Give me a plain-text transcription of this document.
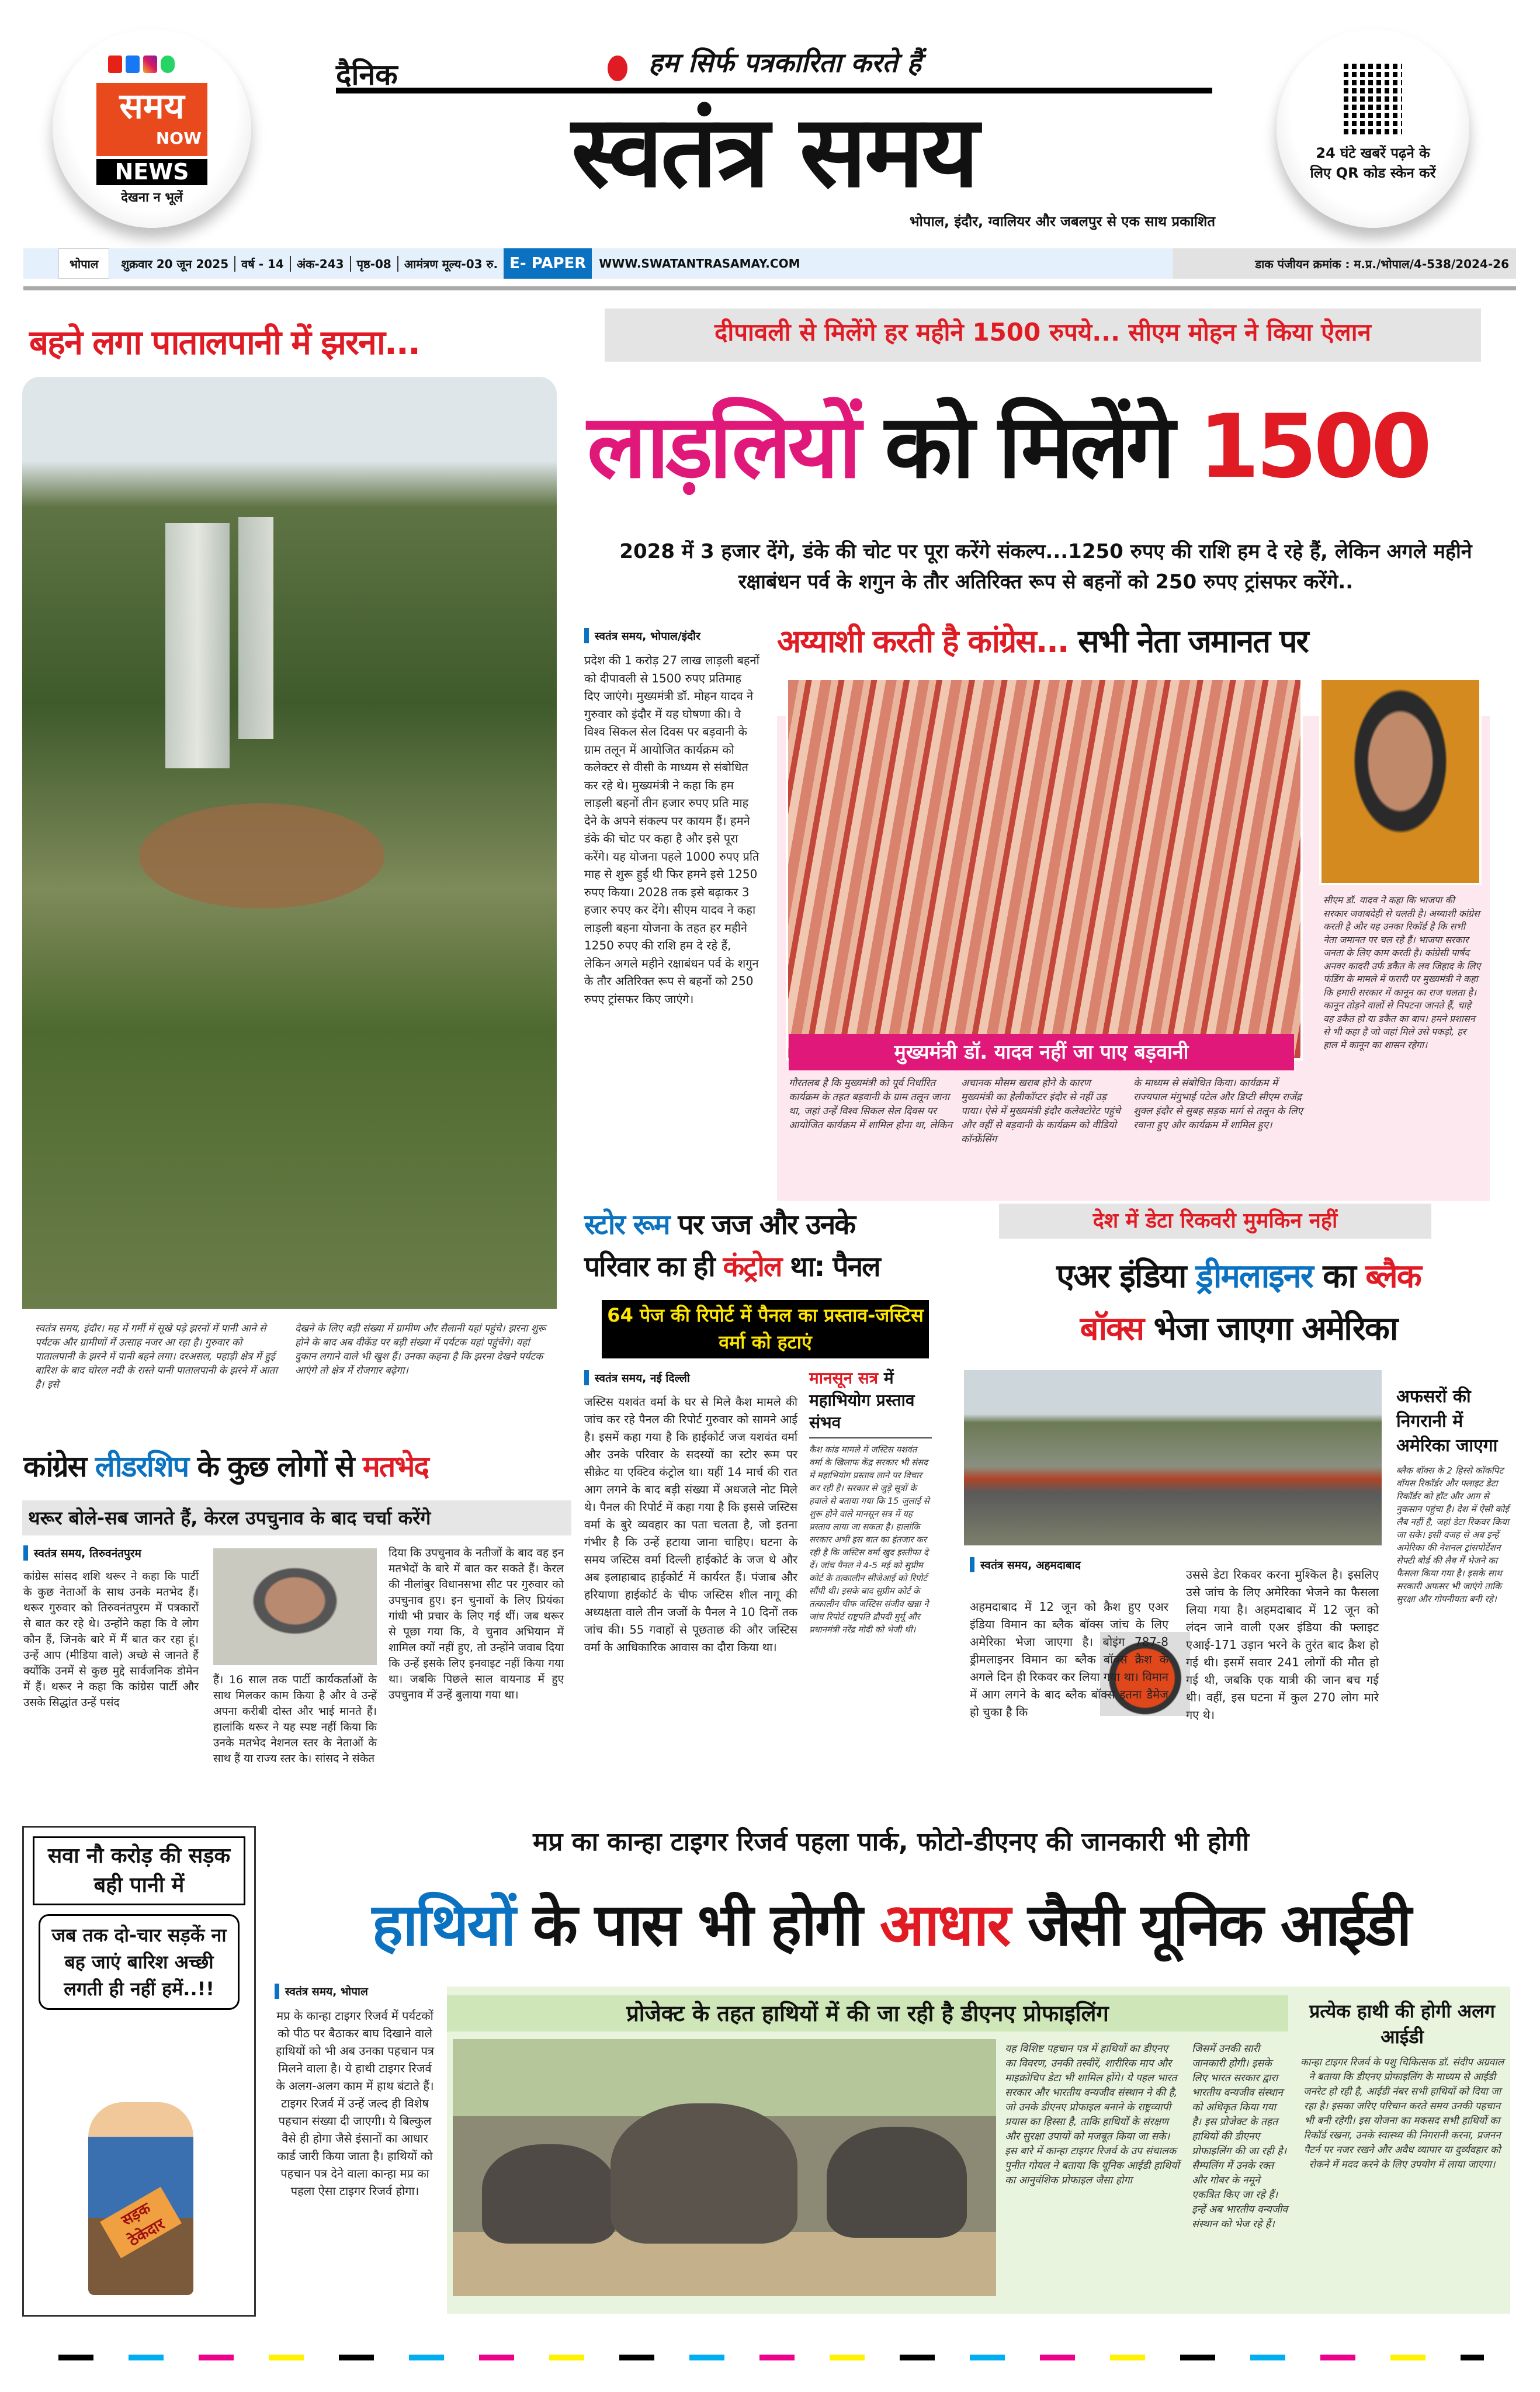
समय
NOW
NEWS
देखना न भूलें
दैनिक	हम सिर्फ पत्रकारिता करते हैं
स्वतंत्र समय
भोपाल, इंदौर, ग्वालियर और जबलपुर से एक साथ प्रकाशित
24 घंटे खबरें पढ़ने के लिए QR कोड स्केन करें
भोपाल	शुक्रवार 20 जून 2025	वर्ष - 14	अंक-243	पृष्ठ-08	आमंत्रण मूल्य-03 रु. E- PAPER	WWW.SWATANTRASAMAY.COM	डाक पंजीयन क्रमांक : म.प्र./भोपाल/4-538/2024-26
बहने लगा पातालपानी में झरना...
स्वतंत्र समय, इंदौर। मह में गर्मी में सूखे पड़े झरनों में पानी आने से पर्यटक और ग्रामीणों में उत्साह नजर आ रहा है। गुरुवार को पातालपानी के झरने में पानी बहने लगा। दरअसल, पहाड़ी क्षेत्र में हुई बारिश के बाद चोरल नदी के रास्ते पानी पातालपानी के झरने में आता है। इसे
देखने के लिए बड़ी संख्या में ग्रामीण और सैलानी यहां पहुंचे। झरना शुरू होने के बाद अब वीकेंड पर बड़ी संख्या में पर्यटक यहां पहुंचेंगे। यहां दुकान लगाने वाले भी खुश हैं। उनका कहना है कि झरना देखने पर्यटक आएंगे तो क्षेत्र में रोजगार बढ़ेगा।
दीपावली से मिलेंगे हर महीने 1500 रुपये... सीएम मोहन ने किया ऐलान
लाड़लियों को मिलेंगे 1500
2028 में 3 हजार देंगे, डंके की चोट पर पूरा करेंगे संकल्प...1250 रुपए की राशि हम दे रहे हैं, लेकिन अगले महीने रक्षाबंधन पर्व के शगुन के तौर अतिरिक्त रूप से बहनों को 250 रुपए ट्रांसफर करेंगे..
स्वतंत्र समय, भोपाल/इंदौर
प्रदेश की 1 करोड़ 27 लाख लाड़ली बहनों को दीपावली से 1500 रुपए प्रतिमाह दिए जाएंगे। मुख्यमंत्री डॉ. मोहन यादव ने गुरुवार को इंदौर में यह घोषणा की। वे विश्व सिकल सेल दिवस पर बड़वानी के ग्राम तलून में आयोजित कार्यक्रम को कलेक्टर से वीसी के माध्यम से संबोधित कर रहे थे। मुख्यमंत्री ने कहा कि हम लाड़ली बहनों तीन हजार रुपए प्रति माह देने के अपने संकल्प पर कायम हैं। हमने डंके की चोट पर कहा है और इसे पूरा करेंगे। यह योजना पहले 1000 रुपए प्रति माह से शुरू हुई थी फिर हमने इसे 1250 रुपए किया। 2028 तक इसे बढ़ाकर 3 हजार रुपए कर देंगे। सीएम यादव ने कहा लाड़ली बहना योजना के तहत हर महीने 1250 रुपए की राशि हम दे रहे हैं, लेकिन अगले महीने रक्षाबंधन पर्व के शगुन के तौर अतिरिक्त रूप से बहनों को 250 रुपए ट्रांसफर किए जाएंगे।
अय्याशी करती है कांग्रेस... सभी नेता जमानत पर
मुख्यमंत्री डॉ. यादव नहीं जा पाए बड़वानी
सीएम डॉ. यादव ने कहा कि भाजपा की सरकार जवाबदेही से चलती है। अय्याशी कांग्रेस करती है और यह उनका रिकॉर्ड है कि सभी नेता जमानत पर चल रहे हैं। भाजपा सरकार जनता के लिए काम करती है। कांग्रेसी पार्षद अनवर कादरी उर्फ डकैत के लव जिहाद के लिए फंडिंग के मामले में फरारी पर मुख्यमंत्री ने कहा कि हमारी सरकार में कानून का राज चलता है। कानून तोड़ने वालों से निपटना जानते हैं, चाहे वह डकैत हो या डकैत का बाप। हमने प्रशासन से भी कहा है जो जहां मिले उसे पकड़ो, हर हाल में कानून का शासन रहेगा।
गौरतलब है कि मुख्यमंत्री को पूर्व निर्धारित कार्यक्रम के तहत बड़वानी के ग्राम तलून जाना था, जहां उन्हें विश्व सिकल सेल दिवस पर आयोजित कार्यक्रम में शामिल होना था, लेकिन
अचानक मौसम खराब होने के कारण मुख्यमंत्री का हेलीकॉप्टर इंदौर से नहीं उड़ पाया। ऐसे में मुख्यमंत्री इंदौर कलेक्टोरेट पहुंचे और वहीं से बड़वानी के कार्यक्रम को वीडियो कॉन्फ्रेंसिंग
के माध्यम से संबोधित किया। कार्यक्रम में राज्यपाल मंगुभाई पटेल और डिप्टी सीएम राजेंद्र शुक्ल इंदौर से सुबह सड़क मार्ग से तलून के लिए रवाना हुए और कार्यक्रम में शामिल हुए।
स्टोर रूम पर जज और उनके
परिवार का ही कंट्रोल था: पैनल
64 पेज की रिपोर्ट में पैनल का प्रस्ताव-जस्टिस वर्मा को हटाएं
स्वतंत्र समय, नई दिल्ली
जस्टिस यशवंत वर्मा के घर से मिले कैश मामले की जांच कर रहे पैनल की रिपोर्ट गुरुवार को सामने आई है। इसमें कहा गया है कि हाईकोर्ट जज यशवंत वर्मा और उनके परिवार के सदस्यों का स्टोर रूम पर सीक्रेट या एक्टिव कंट्रोल था। यहीं 14 मार्च की रात आग लगने के बाद बड़ी संख्या में अधजले नोट मिले थे। पैनल की रिपोर्ट में कहा गया है कि इससे जस्टिस वर्मा के बुरे व्यवहार का पता चलता है, जो इतना गंभीर है कि उन्हें हटाया जाना चाहिए। घटना के समय जस्टिस वर्मा दिल्ली हाईकोर्ट के जज थे और अब इलाहाबाद हाईकोर्ट में कार्यरत हैं। पंजाब और हरियाणा हाईकोर्ट के चीफ जस्टिस शील नागू की अध्यक्षता वाले तीन जजों के पैनल ने 10 दिनों तक जांच की। 55 गवाहों से पूछताछ की और जस्टिस वर्मा के आधिकारिक आवास का दौरा किया था।
मानसून सत्र में महाभियोग प्रस्ताव संभव
कैश कांड मामले में जस्टिस यशवंत वर्मा के खिलाफ केंद्र सरकार भी संसद में महाभियोग प्रस्ताव लाने पर विचार कर रही है। सरकार से जुड़े सूत्रों के हवाले से बताया गया कि 15 जुलाई से शुरू होने वाले मानसून सत्र में यह प्रस्ताव लाया जा सकता है। हालांकि सरकार अभी इस बात का इंतजार कर रही है कि जस्टिस वर्मा खुद इस्तीफा दे दें। जांच पैनल ने 4-5 मई को सुप्रीम कोर्ट के तत्कालीन सीजेआई को रिपोर्ट सौंपी थी। इसके बाद सुप्रीम कोर्ट के तत्कालीन चीफ जस्टिस संजीव खन्ना ने जांच रिपोर्ट राष्ट्रपति द्रौपदी मुर्मू और प्रधानमंत्री नरेंद्र मोदी को भेजी थी।
देश में डेटा रिकवरी मुमकिन नहीं
एअर इंडिया ड्रीमलाइनर का ब्लैक
बॉक्स भेजा जाएगा अमेरिका
अफसरों की निगरानी में अमेरिका जाएगा
ब्लैक बॉक्स के 2 हिस्से कॉकपिट वॉयस रिकॉर्डर और फ्लाइट डेटा रिकॉर्डर को हॉट और आग से नुकसान पहुंचा है। देश में ऐसी कोई लैब नहीं है, जहां डेटा रिकवर किया जा सके। इसी वजह से अब इन्हें अमेरिका की नेशनल ट्रांसपोर्टेशन सेफ्टी बोर्ड की लैब में भेजने का फैसला किया गया है। इसके साथ सरकारी अफसर भी जाएंगे ताकि सुरक्षा और गोपनीयता बनी रहे।
स्वतंत्र समय, अहमदाबाद
अहमदाबाद में 12 जून को क्रैश हुए एअर इंडिया विमान का ब्लैक बॉक्स जांच के लिए अमेरिका भेजा जाएगा है। बोइंग 787-8 ड्रीमलाइनर विमान का ब्लैक बॉक्स क्रैश के अगले दिन ही रिकवर कर लिया गया था। विमान में आग लगने के बाद ब्लैक बॉक्स इतना डैमेज हो चुका है कि
उससे डेटा रिकवर करना मुश्किल है। इसलिए उसे जांच के लिए अमेरिका भेजने का फैसला लिया गया है। अहमदाबाद में 12 जून को लंदन जाने वाली एअर इंडिया की फ्लाइट एआई-171 उड़ान भरने के तुरंत बाद क्रैश हो गई थी। इसमें सवार 241 लोगों की मौत हो गई थी, जबकि एक यात्री की जान बच गई थी। वहीं, इस घटना में कुल 270 लोग मारे गए थे।
कांग्रेस लीडरशिप के कुछ लोगों से मतभेद
थरूर बोले-सब जानते हैं, केरल उपचुनाव के बाद चर्चा करेंगे
स्वतंत्र समय, तिरुवनंतपुरम
कांग्रेस सांसद शशि थरूर ने कहा कि पार्टी के कुछ नेताओं के साथ उनके मतभेद हैं। थरूर गुरुवार को तिरुवनंतपुरम में पत्रकारों से बात कर रहे थे। उन्होंने कहा कि वे लोग कौन हैं, जिनके बारे में मैं बात कर रहा हूं। उन्हें आप (मीडिया वाले) अच्छे से जानते हैं क्योंकि उनमें से कुछ मुद्दे सार्वजनिक डोमेन में हैं। थरूर ने कहा कि कांग्रेस पार्टी और उसके सिद्धांत उन्हें पसंद
हैं। 16 साल तक पार्टी कार्यकर्ताओं के साथ मिलकर काम किया है और वे उन्हें अपना करीबी दोस्त और भाई मानते हैं। हालांकि थरूर ने यह स्पष्ट नहीं किया कि उनके मतभेद नेशनल स्तर के नेताओं के साथ हैं या राज्य स्तर के। सांसद ने संकेत
दिया कि उपचुनाव के नतीजों के बाद वह इन मतभेदों के बारे में बात कर सकते हैं। केरल की नीलांबुर विधानसभा सीट पर गुरुवार को उपचुनाव हुए। इन चुनावों के लिए प्रियंका गांधी भी प्रचार के लिए गई थीं। जब थरूर से पूछा गया कि, वे चुनाव अभियान में शामिल क्यों नहीं हुए, तो उन्होंने जवाब दिया कि उन्हें इसके लिए इनवाइट नहीं किया गया था। जबकि पिछले साल वायनाड में हुए उपचुनाव में उन्हें बुलाया गया था।
सवा नौ करोड़ की सड़क बही पानी में
जब तक दो-चार सड़कें ना बह जाएं बारिश अच्छी लगती ही नहीं हमें..!!
सड़क ठेकेदार
मप्र का कान्हा टाइगर रिजर्व पहला पार्क, फोटो-डीएनए की जानकारी भी होगी
हाथियों के पास भी होगी आधार जैसी यूनिक आईडी
स्वतंत्र समय, भोपाल
मप्र के कान्हा टाइगर रिजर्व में पर्यटकों को पीठ पर बैठाकर बाघ दिखाने वाले हाथियों को भी अब उनका पहचान पत्र मिलने वाला है। ये हाथी टाइगर रिजर्व के अलग-अलग काम में हाथ बंटाते हैं। टाइगर रिजर्व में उन्हें जल्द ही विशेष पहचान संख्या दी जाएगी। ये बिल्कुल वैसे ही होगा जैसे इंसानों का आधार कार्ड जारी किया जाता है। हाथियों को पहचान पत्र देने वाला कान्हा मप्र का पहला ऐसा टाइगर रिजर्व होगा।
प्रोजेक्ट के तहत हाथियों में की जा रही है डीएनए प्रोफाइलिंग
यह विशिष्ट पहचान पत्र में हाथियों का डीएनए का विवरण, उनकी तस्वीरें, शारीरिक माप और माइक्रोचिप डेटा भी शामिल होंगे। ये पहल भारत सरकार और भारतीय वन्यजीव संस्थान ने की है, जो उनके डीएनए प्रोफाइल बनाने के राष्ट्रव्यापी प्रयास का हिस्सा है, ताकि हाथियों के संरक्षण और सुरक्षा उपायों को मजबूत किया जा सके। इस बारे में कान्हा टाइगर रिजर्व के उप संचालक पुनीत गोयल ने बताया कि यूनिक आईडी हाथियों का आनुवंशिक प्रोफाइल जैसा होगा
जिसमें उनकी सारी जानकारी होगी। इसके लिए भारत सरकार द्वारा भारतीय वन्यजीव संस्थान को अधिकृत किया गया है। इस प्रोजेक्ट के तहत हाथियों की डीएनए प्रोफाइलिंग की जा रही है। सैम्पलिंग में उनके रक्त और गोबर के नमूने एकत्रित किए जा रहे हैं। इन्हें अब भारतीय वन्यजीव संस्थान को भेज रहे हैं।
प्रत्येक हाथी की होगी अलग आईडी
कान्हा टाइगर रिजर्व के पशु चिकित्सक डॉ. संदीप अग्रवाल ने बताया कि डीएनए प्रोफाइलिंग के माध्यम से आईडी जनरेट हो रही है, आईडी नंबर सभी हाथियों को दिया जा रहा है। इसका जरिए परिचान करते समय उनकी पहचान भी बनी रहेगी। इस योजना का मकसद सभी हाथियों का रिकॉर्ड रखना, उनके स्वास्थ्य की निगरानी करना, प्रजनन पैटर्न पर नजर रखने और अवैध व्यापार या दुर्व्यवहार को रोकने में मदद करने के लिए उपयोग में लाया जाएगा।
